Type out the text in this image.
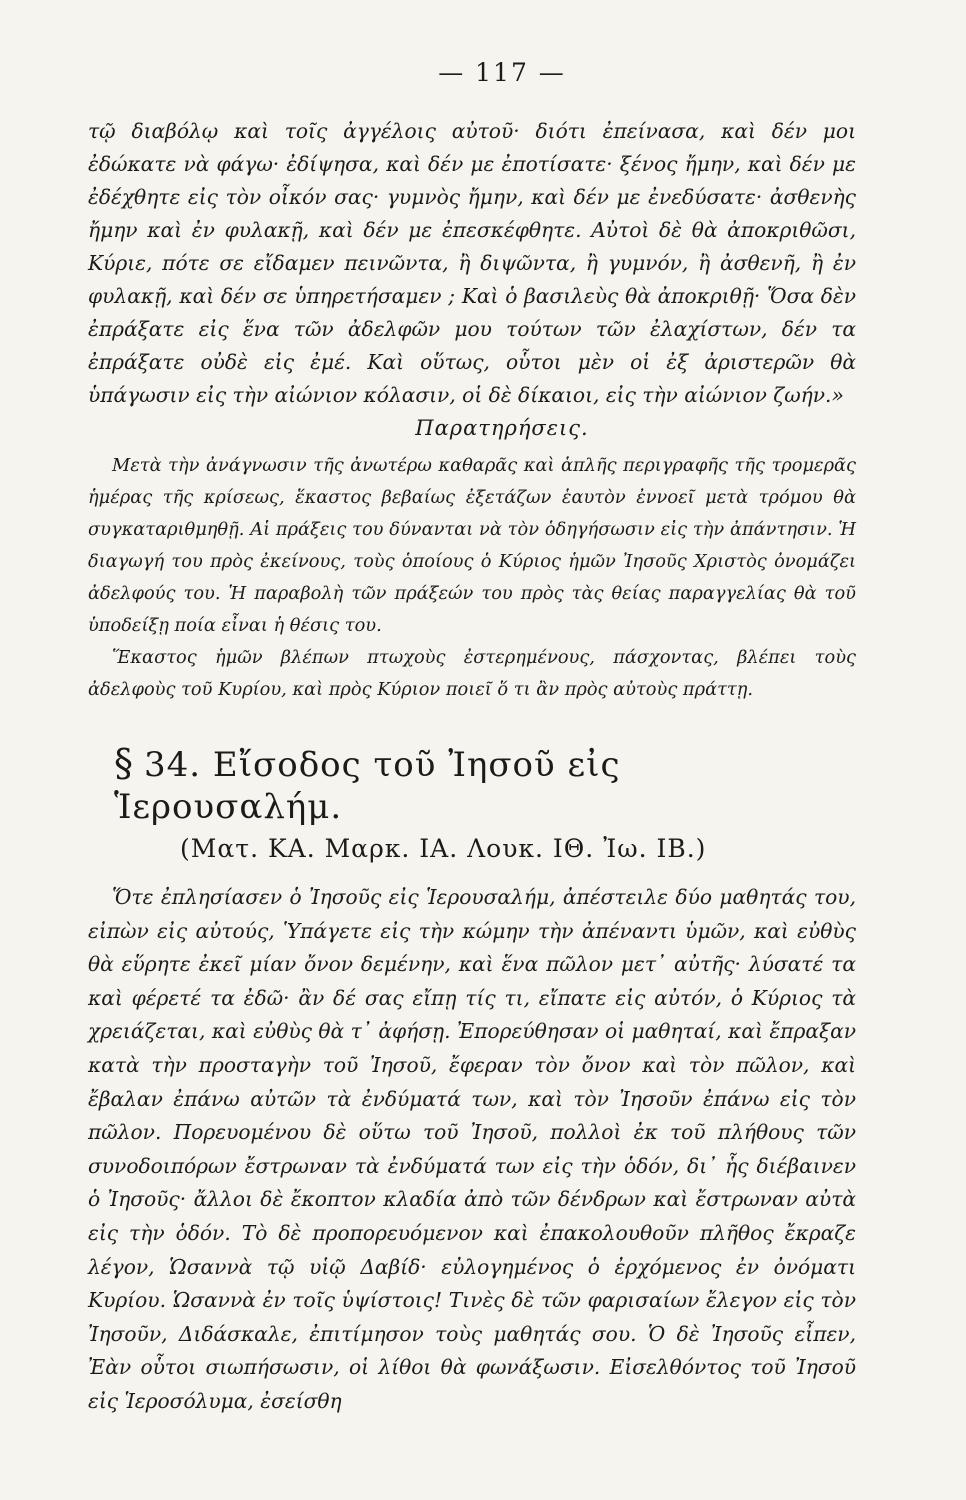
— 117 —

τῷ διαβόλῳ καὶ τοῖς ἀγγέλοις αὐτοῦ· διότι ἐπείνασα, καὶ δέν μοι ἐδώκατε νὰ φάγω· ἐδίψησα, καὶ δέν με ἐποτίσατε· ξένος ἤμην, καὶ δέν με ἐδέχθητε εἰς τὸν οἶκόν σας· γυμνὸς ἤμην, καὶ δέν με ἐνεδύσατε· ἀσθενὴς ἤμην καὶ ἐν φυλακῇ, καὶ δέν με ἐπεσκέφθητε. Αὐτοὶ δὲ θὰ ἀποκριθῶσι, Κύριε, πότε σε εἴδαμεν πεινῶντα, ἢ διψῶντα, ἢ γυμνόν, ἢ ἀσθενῆ, ἢ ἐν φυλακῇ, καὶ δέν σε ὑπηρετήσαμεν ; Καὶ ὁ βασιλεὺς θὰ ἀποκριθῇ· Ὅσα δὲν ἐπράξατε εἰς ἕνα τῶν ἀδελφῶν μου τούτων τῶν ἐλαχίστων, δέν τα ἐπράξατε οὐδὲ εἰς ἐμέ. Καὶ οὕτως, οὗτοι μὲν οἱ ἐξ ἀριστερῶν θὰ ὑπάγωσιν εἰς τὴν αἰώνιον κόλασιν, οἱ δὲ δίκαιοι, εἰς τὴν αἰώνιον ζωήν.»

Παρατηρήσεις.

Μετὰ τὴν ἀνάγνωσιν τῆς ἀνωτέρω καθαρᾶς καὶ ἁπλῆς περιγραφῆς τῆς τρομερᾶς ἡμέρας τῆς κρίσεως, ἕκαστος βεβαίως ἐξετάζων ἑαυτὸν ἐννοεῖ μετὰ τρόμου θὰ συγκαταριθμηθῇ. Αἱ πράξεις του δύνανται νὰ τὸν ὁδηγήσωσιν εἰς τὴν ἀπάντησιν. Ἡ διαγωγή του πρὸς ἐκείνους, τοὺς ὁποίους ὁ Κύριος ἡμῶν Ἰησοῦς Χριστὸς ὀνομάζει ἀδελφούς του. Ἡ παραβολὴ τῶν πράξεών του πρὸς τὰς θείας παραγγελίας θὰ τοῦ ὑποδείξῃ ποία εἶναι ἡ θέσις του.

Ἕκαστος ἡμῶν βλέπων πτωχοὺς ἐστερημένους, πάσχοντας, βλέπει τοὺς ἀδελφοὺς τοῦ Κυρίου, καὶ πρὸς Κύριον ποιεῖ ὅ τι ἂν πρὸς αὐτοὺς πράττῃ.

§ 34. Εἴσοδος τοῦ Ἰησοῦ εἰς Ἱερουσαλήμ.
(Ματ. ΚΑ. Μαρκ. ΙΑ. Λουκ. ΙΘ. Ἰω. ΙΒ.)

Ὅτε ἐπλησίασεν ὁ Ἰησοῦς εἰς Ἱερουσαλήμ, ἀπέστειλε δύο μαθητάς του, εἰπὼν εἰς αὐτούς, Ὑπάγετε εἰς τὴν κώμην τὴν ἀπέναντι ὑμῶν, καὶ εὐθὺς θὰ εὕρητε ἐκεῖ μίαν ὄνον δεμένην, καὶ ἕνα πῶλον μετ᾽ αὐτῆς· λύσατέ τα καὶ φέρετέ τα ἐδῶ· ἂν δέ σας εἴπῃ τίς τι, εἴπατε εἰς αὐτόν, ὁ Κύριος τὰ χρειάζεται, καὶ εὐθὺς θὰ τ᾽ ἀφήσῃ. Ἐπορεύθησαν οἱ μαθηταί, καὶ ἔπραξαν κατὰ τὴν προσταγὴν τοῦ Ἰησοῦ, ἔφεραν τὸν ὄνον καὶ τὸν πῶλον, καὶ ἔβαλαν ἐπάνω αὐτῶν τὰ ἐνδύματά των, καὶ τὸν Ἰησοῦν ἐπάνω εἰς τὸν πῶλον. Πορευομένου δὲ οὕτω τοῦ Ἰησοῦ, πολλοὶ ἐκ τοῦ πλήθους τῶν συνοδοιπόρων ἔστρωναν τὰ ἐνδύματά των εἰς τὴν ὁδόν, δι᾽ ἧς διέβαινεν ὁ Ἰησοῦς· ἄλλοι δὲ ἔκοπτον κλαδία ἀπὸ τῶν δένδρων καὶ ἔστρωναν αὐτὰ εἰς τὴν ὁδόν. Τὸ δὲ προπορευόμενον καὶ ἐπακολουθοῦν πλῆθος ἔκραζε λέγον, Ὡσαννὰ τῷ υἱῷ Δαβίδ· εὐλογημένος ὁ ἐρχόμενος ἐν ὀνόματι Κυρίου. Ὡσαννὰ ἐν τοῖς ὑψίστοις! Τινὲς δὲ τῶν φαρισαίων ἔλεγον εἰς τὸν Ἰησοῦν, Διδάσκαλε, ἐπιτίμησον τοὺς μαθητάς σου. Ὁ δὲ Ἰησοῦς εἶπεν, Ἐὰν οὗτοι σιωπήσωσιν, οἱ λίθοι θὰ φωνάξωσιν. Εἰσελθόντος τοῦ Ἰησοῦ εἰς Ἱεροσόλυμα, ἐσείσθη
